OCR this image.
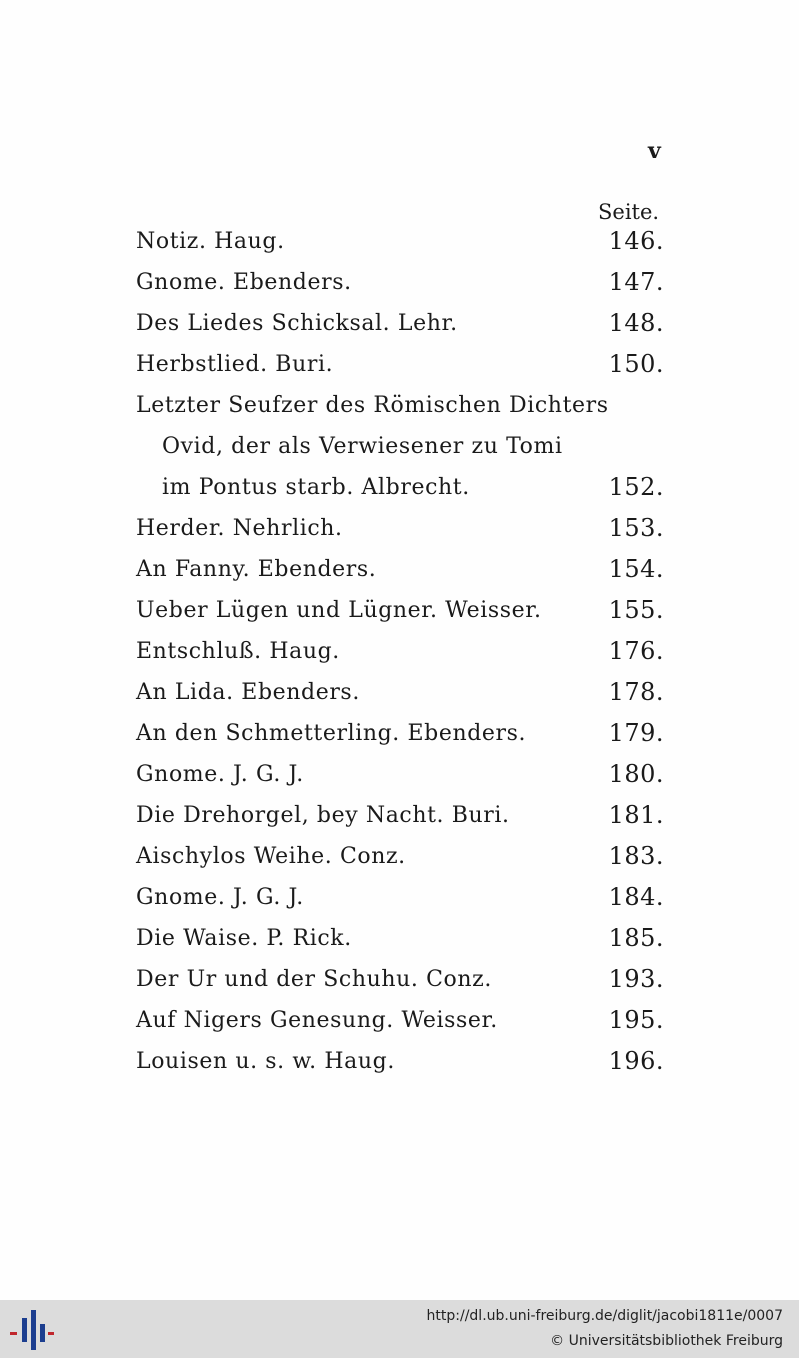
v
Seite.
Notiz. Haug.	146.
Gnome. Ebenders.	147.
Des Liedes Schicksal. Lehr.	148.
Herbstlied. Buri.	150.
Letzter Seufzer des Römischen Dichters
Ovid, der als Verwiesener zu Tomi
im Pontus starb. Albrecht.	152.
Herder. Nehrlich.	153.
An Fanny. Ebenders.	154.
Ueber Lügen und Lügner. Weisser.	155.
Entschluß. Haug.	176.
An Lida. Ebenders.	178.
An den Schmetterling. Ebenders.	179.
Gnome. J. G. J.	180.
Die Drehorgel, bey Nacht. Buri.	181.
Aischylos Weihe. Conz.	183.
Gnome. J. G. J.	184.
Die Waise. P. Rick.	185.
Der Ur und der Schuhu. Conz.	193.
Auf Nigers Genesung. Weisser.	195.
Louisen u. s. w. Haug.	196.
http://dl.ub.uni-freiburg.de/diglit/jacobi1811e/0007
© Universitätsbibliothek Freiburg
